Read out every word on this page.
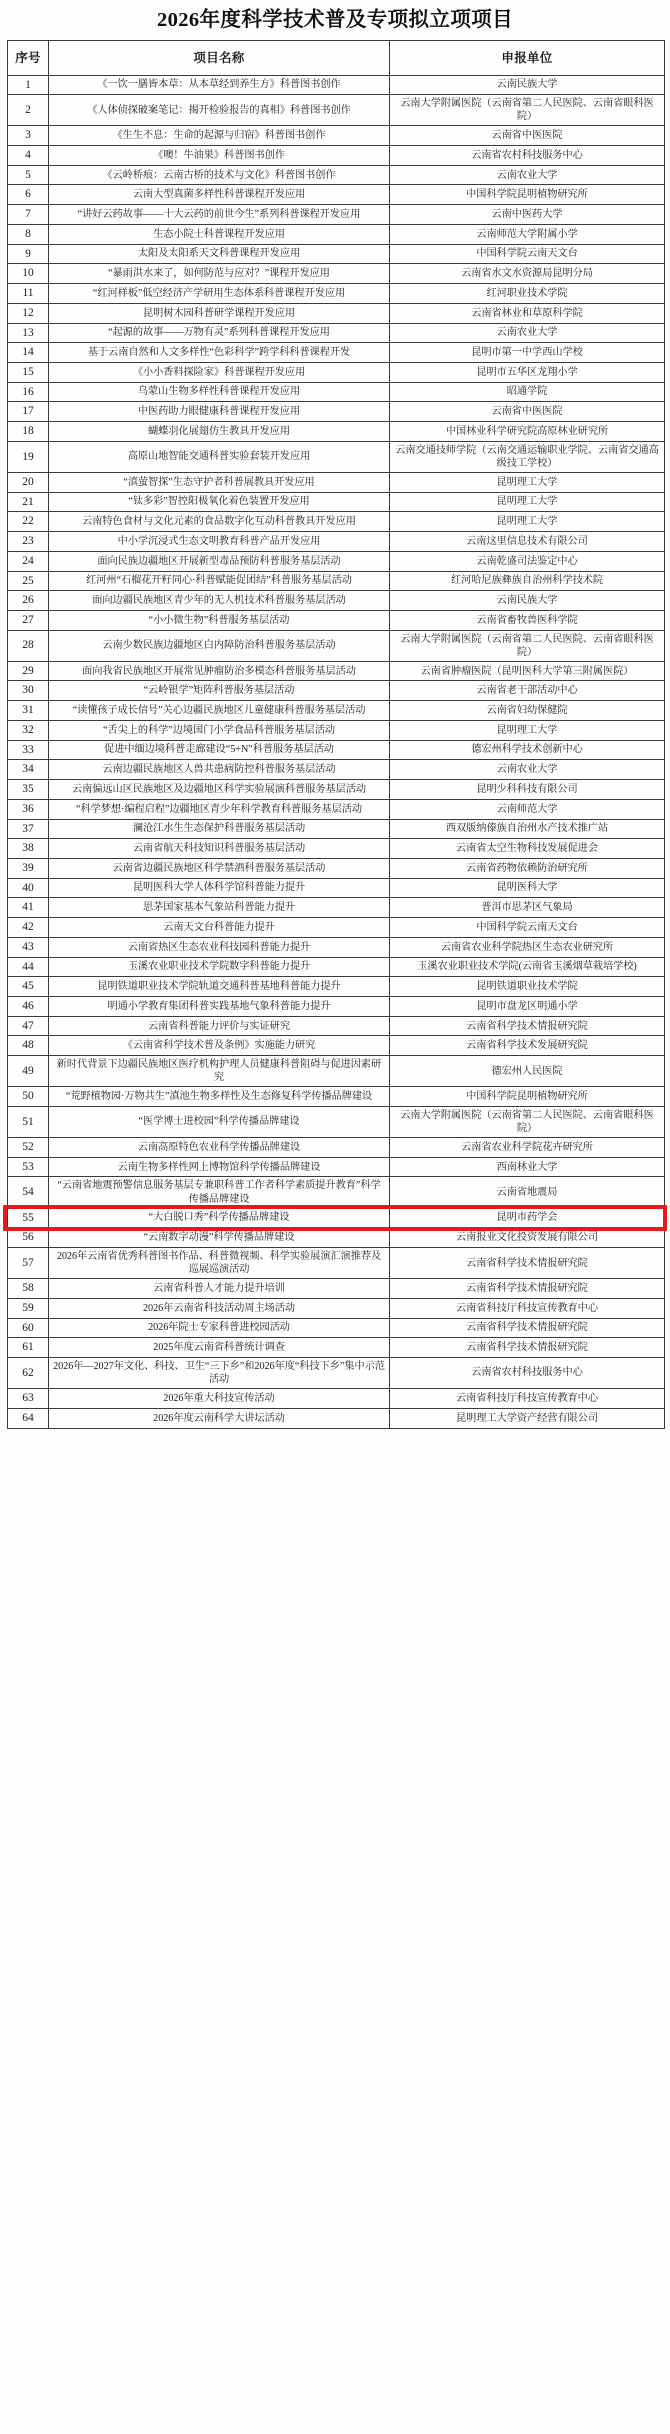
2026年度科学技术普及专项拟立项项目
序号	项目名称	申报单位
1	《一饮一膳皆本草：从本草经到养生方》科普图书创作	云南民族大学
2	《人体侦探破案笔记：揭开检验报告的真相》科普图书创作	云南大学附属医院（云南省第二人民医院、云南省眼科医院）
3	《生生不息：生命的起源与归宿》科普图书创作	云南省中医医院
4	《噢！牛油果》科普图书创作	云南省农村科技服务中心
5	《云岭桥痕：云南古桥的技术与文化》科普图书创作	云南农业大学
6	云南大型真菌多样性科普课程开发应用	中国科学院昆明植物研究所
7	“讲好云药故事——十大云药的前世今生”系列科普课程开发应用	云南中医药大学
8	生态小院士科普课程开发应用	云南师范大学附属小学
9	太阳及太阳系天文科普课程开发应用	中国科学院云南天文台
10	“暴雨洪水来了，如何防范与应对？”课程开发应用	云南省水文水资源局昆明分局
11	“红河样板”低空经济产学研用生态体系科普课程开发应用	红河职业技术学院
12	昆明树木园科普研学课程开发应用	云南省林业和草原科学院
13	“起源的故事——万物有灵”系列科普课程开发应用	云南农业大学
14	基于云南自然和人文多样性“色彩科学”跨学科科普课程开发	昆明市第一中学西山学校
15	《小小香料探险家》科普课程开发应用	昆明市五华区龙翔小学
16	乌蒙山生物多样性科普课程开发应用	昭通学院
17	中医药助力眼健康科普课程开发应用	云南省中医医院
18	蝴蝶羽化展翅仿生教具开发应用	中国林业科学研究院高原林业研究所
19	高原山地智能交通科普实验套装开发应用	云南交通技师学院（云南交通运输职业学院、云南省交通高级技工学校）
20	“滇萤智探”生态守护者科普展教具开发应用	昆明理工大学
21	“钛多彩”智控阳极氧化着色装置开发应用	昆明理工大学
22	云南特色食材与文化元素的食品数字化互动科普教具开发应用	昆明理工大学
23	中小学沉浸式生态文明教育科普产品开发应用	云南这里信息技术有限公司
24	面向民族边疆地区开展新型毒品预防科普服务基层活动	云南乾盛司法鉴定中心
25	红河州“石榴花开籽同心·科普赋能促团结”科普服务基层活动	红河哈尼族彝族自治州科学技术院
26	面向边疆民族地区青少年的无人机技术科普服务基层活动	云南民族大学
27	“小小微生物”科普服务基层活动	云南省畜牧兽医科学院
28	云南少数民族边疆地区白内障防治科普服务基层活动	云南大学附属医院（云南省第二人民医院、云南省眼科医院）
29	面向我省民族地区开展常见肿瘤防治多模态科普服务基层活动	云南省肿瘤医院（昆明医科大学第三附属医院）
30	“云岭银学”矩阵科普服务基层活动	云南省老干部活动中心
31	“读懂孩子成长信号”关心边疆民族地区儿童健康科普服务基层活动	云南省妇幼保健院
32	“舌尖上的科学”边境国门小学食品科普服务基层活动	昆明理工大学
33	促进中缅边境科普走廊建设“5+N”科普服务基层活动	德宏州科学技术创新中心
34	云南边疆民族地区人兽共患病防控科普服务基层活动	云南农业大学
35	云南偏远山区民族地区及边疆地区科学实验展演科普服务基层活动	昆明少科科技有限公司
36	“科学梦想·编程启程”边疆地区青少年科学教育科普服务基层活动	云南师范大学
37	澜沧江水生生态保护科普服务基层活动	西双版纳傣族自治州水产技术推广站
38	云南省航天科技知识科普服务基层活动	云南省太空生物科技发展促进会
39	云南省边疆民族地区科学禁酒科普服务基层活动	云南省药物依赖防治研究所
40	昆明医科大学人体科学馆科普能力提升	昆明医科大学
41	思茅国家基本气象站科普能力提升	普洱市思茅区气象局
42	云南天文台科普能力提升	中国科学院云南天文台
43	云南省热区生态农业科技园科普能力提升	云南省农业科学院热区生态农业研究所
44	玉溪农业职业技术学院数字科普能力提升	玉溪农业职业技术学院(云南省玉溪烟草栽培学校)
45	昆明铁道职业技术学院轨道交通科普基地科普能力提升	昆明铁道职业技术学院
46	明通小学教育集团科普实践基地气象科普能力提升	昆明市盘龙区明通小学
47	云南省科普能力评价与实证研究	云南省科学技术情报研究院
48	《云南省科学技术普及条例》实施能力研究	云南省科学技术发展研究院
49	新时代背景下边疆民族地区医疗机构护理人员健康科普阻碍与促进因素研究	德宏州人民医院
50	“荒野植物园·万物共生”滇池生物多样性及生态修复科学传播品牌建设	中国科学院昆明植物研究所
51	“医学博士进校园”科学传播品牌建设	云南大学附属医院（云南省第二人民医院、云南省眼科医院）
52	云南高原特色农业科学传播品牌建设	云南省农业科学院花卉研究所
53	云南生物多样性网上博物馆科学传播品牌建设	西南林业大学
54	“云南省地震预警信息服务基层专兼职科普工作者科学素质提升教育”科学传播品牌建设	云南省地震局
55	“大白脱口秀”科学传播品牌建设	昆明市药学会
56	“云南数字动漫”科学传播品牌建设	云南报业文化投资发展有限公司
57	2026年云南省优秀科普图书作品、科普微视频、科学实验展演汇演推荐及巡展巡演活动	云南省科学技术情报研究院
58	云南省科普人才能力提升培训	云南省科学技术情报研究院
59	2026年云南省科技活动周主场活动	云南省科技厅科技宣传教育中心
60	2026年院士专家科普进校园活动	云南省科学技术情报研究院
61	2025年度云南省科普统计调查	云南省科学技术情报研究院
62	2026年—2027年文化、科技、卫生“三下乡”和2026年度“科技下乡”集中示范活动	云南省农村科技服务中心
63	2026年重大科技宣传活动	云南省科技厅科技宣传教育中心
64	2026年度云南科学大讲坛活动	昆明理工大学资产经营有限公司
